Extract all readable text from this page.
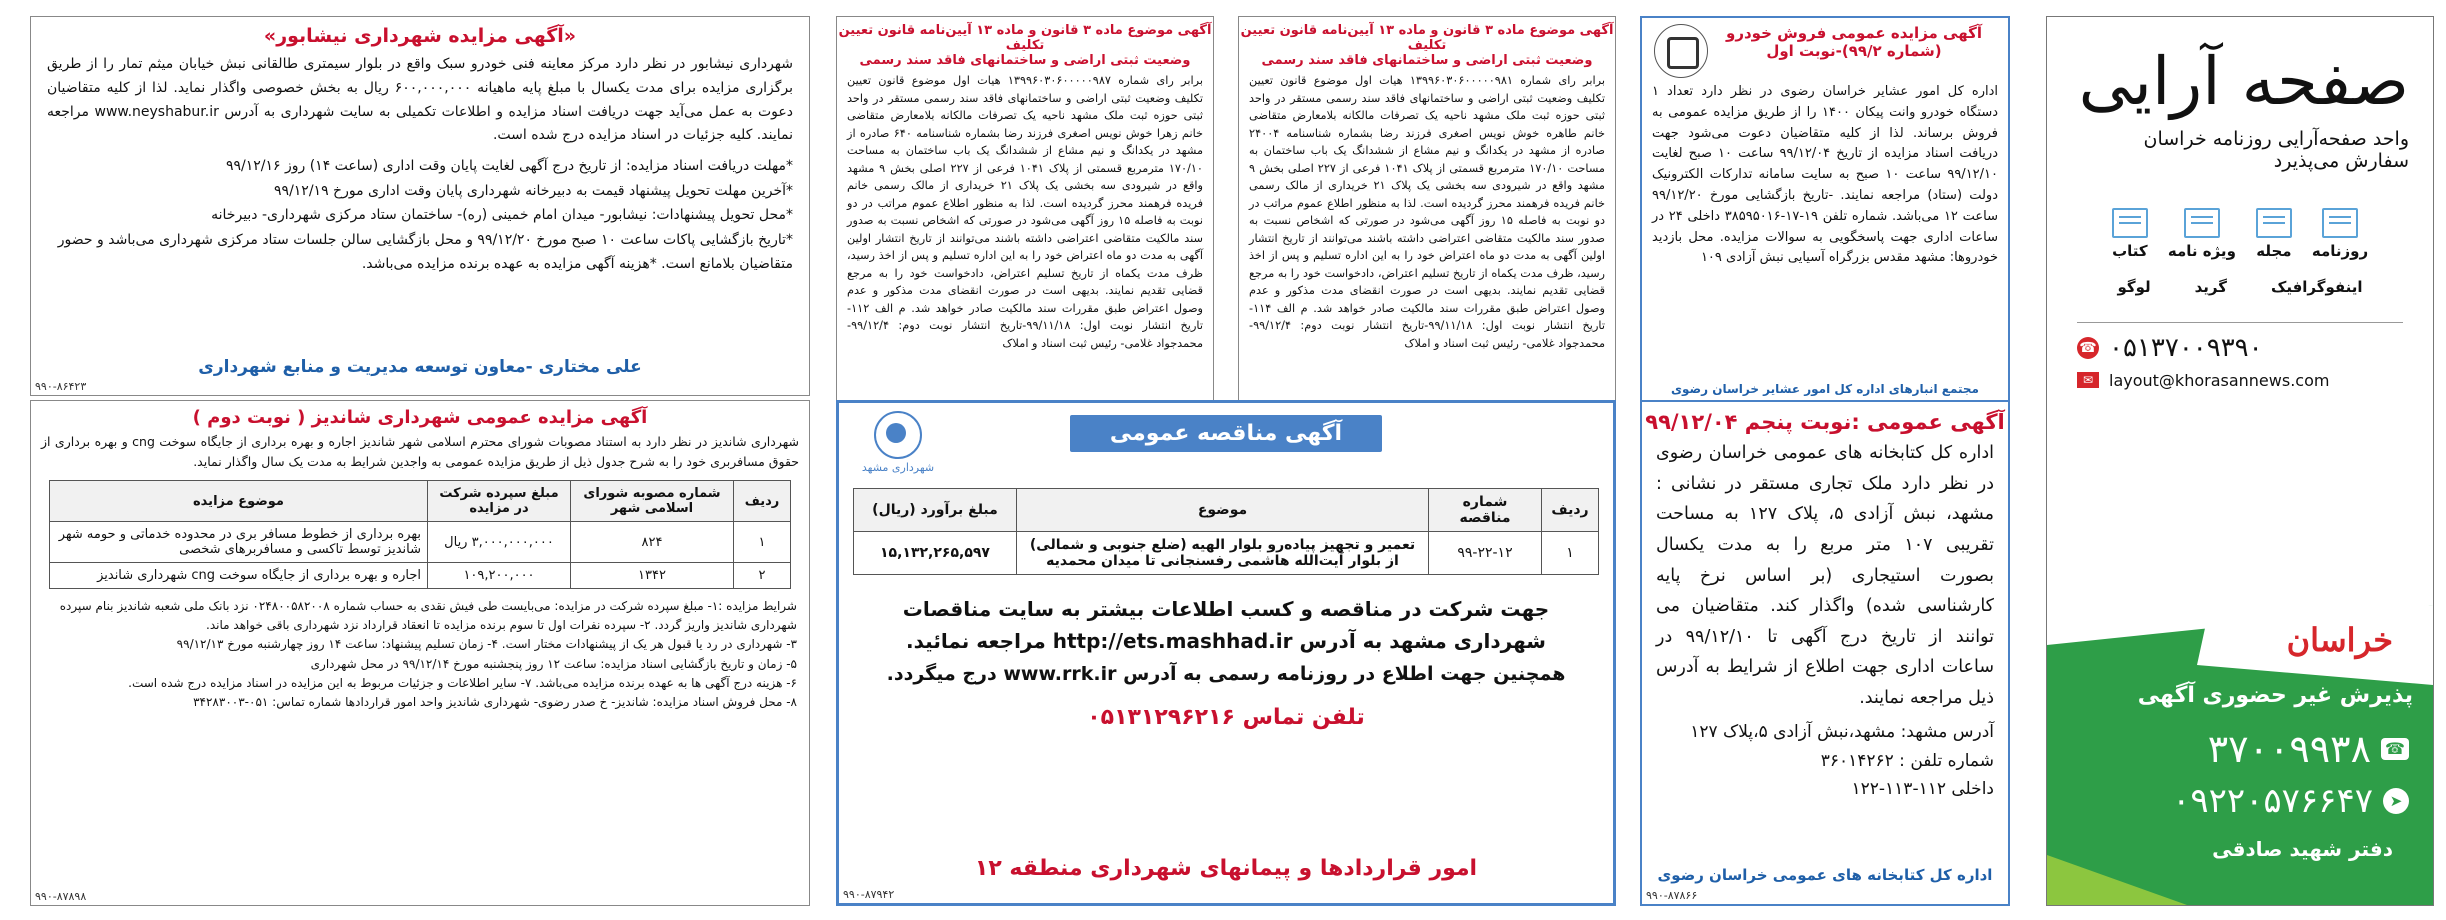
صفحه آرایی
واحد صفحه‌آرایی روزنامه خراسان
سفارش می‌پذیرد
روزنامه
مجله
ویژه نامه
کتاب
اینفوگرافیک
گرید
لوگو
☎ ۰۵۱۳۷۰۰۹۳۹۰
✉ layout@khorasannews.com
خراسان
پذیرش غیر حضوری آگهی
۳۷۰۰۹۹۳۸ ☎
۰۹۲۲۰۵۷۶۶۴۷	➤
دفتر شهید صادقی
آگهی مزایده عمومی فروش خودرو
(شماره ۹۹/۲)-نوبت اول
اداره کل امور عشایر خراسان رضوی در نظر دارد تعداد ۱ دستگاه خودرو وانت پیکان ۱۴۰۰ را از طریق مزایده عمومی به فروش برساند. لذا از کلیه متقاضیان دعوت می‌شود جهت دریافت اسناد مزایده از تاریخ ۹۹/۱۲/۰۴ ساعت ۱۰ صبح لغایت ۹۹/۱۲/۱۰ ساعت ۱۰ صبح به سایت سامانه تدارکات الکترونیک دولت (ستاد) مراجعه نمایند. -تاریخ بازگشایی مورخ ۹۹/۱۲/۲۰ ساعت ۱۲ می‌باشد. شماره تلفن ۱۹-۱۷-۳۸۵۹۵۰۱۶ داخلی ۲۴ در ساعات اداری جهت پاسخگویی به سوالات مزایده. محل بازدید خودروها: مشهد مقدس بزرگراه آسیایی نبش آزادی ۱۰۹
مجتمع انبارهای اداره کل امور عشایر خراسان رضوی
آگهی موضوع ماده ۳ قانون و ماده ۱۳ آیین‌نامه قانون تعیین تکلیف
وضعیت ثبتی اراضی و ساختمانهای فاقد سند رسمی
برابر رای شماره ۱۳۹۹۶۰۳۰۶۰۰۰۰۰۹۸۱ هیات اول موضوع قانون تعیین تکلیف وضعیت ثبتی اراضی و ساختمانهای فاقد سند رسمی مستقر در واحد ثبتی حوزه ثبت ملک مشهد ناحیه یک تصرفات مالکانه بلامعارض متقاضی خانم طاهره خوش نویس اصغری فرزند رضا بشماره شناسنامه ۲۴۰۰۴ صادره از مشهد در یکدانگ و نیم مشاع از ششدانگ یک باب ساختمان به مساحت ۱۷۰/۱۰ مترمربع قسمتی از پلاک ۱۰۴۱ فرعی از ۲۲۷ اصلی بخش ۹ مشهد واقع در شیرودی سه بخشی یک پلاک ۲۱ خریداری از مالک رسمی خانم فریده فرهمند محرز گردیده است. لذا به منظور اطلاع عموم مراتب در دو نوبت به فاصله ۱۵ روز آگهی می‌شود در صورتی که اشخاص نسبت به صدور سند مالکیت متقاضی اعتراضی داشته باشند می‌توانند از تاریخ انتشار اولین آگهی به مدت دو ماه اعتراض خود را به این اداره تسلیم و پس از اخذ رسید، ظرف مدت یکماه از تاریخ تسلیم اعتراض، دادخواست خود را به مرجع قضایی تقدیم نمایند. بدیهی است در صورت انقضای مدت مذکور و عدم وصول اعتراض طبق مقررات سند مالکیت صادر خواهد شد. م الف ۱۱۴-تاریخ انتشار نوبت اول: ۹۹/۱۱/۱۸-تاریخ انتشار نوبت دوم: ۹۹/۱۲/۴- محمدجواد غلامی- رئیس ثبت اسناد و املاک
آگهی موضوع ماده ۳ قانون و ماده ۱۳ آیین‌نامه قانون تعیین تکلیف
وضعیت ثبتی اراضی و ساختمانهای فاقد سند رسمی
برابر رای شماره ۱۳۹۹۶۰۳۰۶۰۰۰۰۰۹۸۷ هیات اول موضوع قانون تعیین تکلیف وضعیت ثبتی اراضی و ساختمانهای فاقد سند رسمی مستقر در واحد ثبتی حوزه ثبت ملک مشهد ناحیه یک تصرفات مالکانه بلامعارض متقاضی خانم زهرا خوش نویس اصغری فرزند رضا بشماره شناسنامه ۶۴۰ صادره از مشهد در یکدانگ و نیم مشاع از ششدانگ یک باب ساختمان به مساحت ۱۷۰/۱۰ مترمربع قسمتی از پلاک ۱۰۴۱ فرعی از ۲۲۷ اصلی بخش ۹ مشهد واقع در شیرودی سه بخشی یک پلاک ۲۱ خریداری از مالک رسمی خانم فریده فرهمند محرز گردیده است. لذا به منظور اطلاع عموم مراتب در دو نوبت به فاصله ۱۵ روز آگهی می‌شود در صورتی که اشخاص نسبت به صدور سند مالکیت متقاضی اعتراضی داشته باشند می‌توانند از تاریخ انتشار اولین آگهی به مدت دو ماه اعتراض خود را به این اداره تسلیم و پس از اخذ رسید، ظرف مدت یکماه از تاریخ تسلیم اعتراض، دادخواست خود را به مرجع قضایی تقدیم نمایند. بدیهی است در صورت انقضای مدت مذکور و عدم وصول اعتراض طبق مقررات سند مالکیت صادر خواهد شد. م الف ۱۱۲-تاریخ انتشار نوبت اول: ۹۹/۱۱/۱۸-تاریخ انتشار نوبت دوم: ۹۹/۱۲/۴- محمدجواد غلامی- رئیس ثبت اسناد و املاک
«آگهی مزایده شهرداری نیشابور»
شهرداری نیشابور در نظر دارد مرکز معاینه فنی خودرو سبک واقع در بلوار سیمتری طالقانی نبش خیابان میثم تمار را از طریق برگزاری مزایده برای مدت یکسال با مبلغ پایه ماهیانه ۶۰۰,۰۰۰,۰۰۰ ریال به بخش خصوصی واگذار نماید. لذا از کلیه متقاضیان دعوت به عمل می‌آید جهت دریافت اسناد مزایده و اطلاعات تکمیلی به سایت شهرداری به آدرس www.neyshabur.ir مراجعه نمایند. کلیه جزئیات در اسناد مزایده درج شده است.
*مهلت دریافت اسناد مزایده: از تاریخ درج آگهی لغایت پایان وقت اداری (ساعت ۱۴) روز ۹۹/۱۲/۱۶
*آخرین مهلت تحویل پیشنهاد قیمت به دبیرخانه شهرداری پایان وقت اداری مورخ ۹۹/۱۲/۱۹
*محل تحویل پیشنهادات: نیشابور- میدان امام خمینی (ره)- ساختمان ستاد مرکزی شهرداری- دبیرخانه
*تاریخ بازگشایی پاکات ساعت ۱۰ صبح مورخ ۹۹/۱۲/۲۰ و محل بازگشایی سالن جلسات ستاد مرکزی شهرداری می‌باشد و حضور متقاضیان بلامانع است. *هزینه آگهی مزایده به عهده برنده مزایده می‌باشد.
علی مختاری -معاون توسعه مدیریت و منابع شهرداری
۹۹۰-۸۶۴۲۳
آگهی عمومی :نوبت پنجم ۹۹/۱۲/۰۴
اداره کل کتابخانه های عمومی خراسان رضوی در نظر دارد ملک تجاری مستقر در نشانی : مشهد، نبش آزادی ۵، پلاک ۱۲۷ به مساحت تقریبی ۱۰۷ متر مربع را به مدت یکسال بصورت استیجاری (بر اساس نرخ پایه کارشناسی شده) واگذار کند. متقاضیان می توانند از تاریخ درج آگهی تا ۹۹/۱۲/۱۰ در ساعات اداری جهت اطلاع از شرایط به آدرس ذیل مراجعه نمایند.
آدرس مشهد: مشهد،نبش آزادی ۵،پلاک ۱۲۷
شماره تلفن : ۳۶۰۱۴۲۶۲
داخلی ۱۱۲-۱۱۳-۱۲۲
اداره کل کتابخانه های عمومی خراسان رضوی
۹۹۰-۸۷۸۶۶
آگهی مناقصه عمومی
شهرداری مشهد
ردیف	شماره مناقصه	موضوع	مبلغ برآورد (ریال)
۱	۹۹-۲۲-۱۲	تعمیر و تجهیز پیاده‌رو بلوار الهیه (ضلع جنوبی و شمالی) از بلوار آیت‌الله هاشمی رفسنجانی تا میدان محمدیه	۱۵,۱۳۲,۲۶۵,۵۹۷
جهت شرکت در مناقصه و کسب اطلاعات بیشتر به سایت مناقصات شهرداری مشهد به آدرس http://ets.mashhad.ir مراجعه نمائید.
همچنین جهت اطلاع در روزنامه رسمی به آدرس www.rrk.ir درج میگردد.
تلفن تماس ۰۵۱۳۱۲۹۶۲۱۶
امور قراردادها و پیمانهای شهرداری منطقه ۱۲
۹۹۰-۸۷۹۴۲
آگهی مزایده عمومی شهرداری شاندیز ( نوبت دوم )
شهرداری شاندیز در نظر دارد به استناد مصوبات شورای محترم اسلامی شهر شاندیز اجاره و بهره برداری از جایگاه سوخت cng و بهره برداری از حقوق مسافربری خود را به شرح جدول ذیل از طریق مزایده عمومی به واجدین شرایط به مدت یک سال واگذار نماید.
ردیف	شماره مصوبه شورای اسلامی شهر	مبلغ سپرده شرکت در مزایده	موضوع مزایده
۱	۸۲۴	۳,۰۰۰,۰۰۰,۰۰۰ ریال	بهره برداری از خطوط مسافر بری در محدوده خدماتی و حومه شهر شاندیز توسط تاکسی و مسافربرهای شخصی
۲	۱۳۴۲	۱۰۹,۲۰۰,۰۰۰	اجاره و بهره برداری از جایگاه سوخت cng شهرداری شاندیز
شرایط مزایده :۱- مبلغ سپرده شرکت در مزایده: می‌بایست طی فیش نقدی به حساب شماره ۰۲۴۸۰۰۵۸۲۰۰۸ نزد بانک ملی شعبه شاندیز بنام سپرده شهرداری شاندیز واریز گردد. ۲- سپرده نفرات اول تا سوم برنده مزایده تا انعقاد قرارداد نزد شهرداری باقی خواهد ماند.
۳- شهرداری در رد یا قبول هر یک از پیشنهادات مختار است. ۴- زمان تسلیم پیشنهاد: ساعت ۱۴ روز چهارشنبه مورخ ۹۹/۱۲/۱۳
۵- زمان و تاریخ بازگشایی اسناد مزایده: ساعت ۱۲ روز پنجشنبه مورخ ۹۹/۱۲/۱۴ در محل شهرداری
۶- هزینه درج آگهی ها به عهده برنده مزایده می‌باشد. ۷- سایر اطلاعات و جزئیات مربوط به این مزایده در اسناد مزایده درج شده است.
۸- محل فروش اسناد مزایده: شاندیز- خ صدر رضوی- شهرداری شاندیز واحد امور قراردادها شماره تماس: ۰۵۱-۳۴۲۸۳۰۰۳
۹۹۰-۸۷۸۹۸
